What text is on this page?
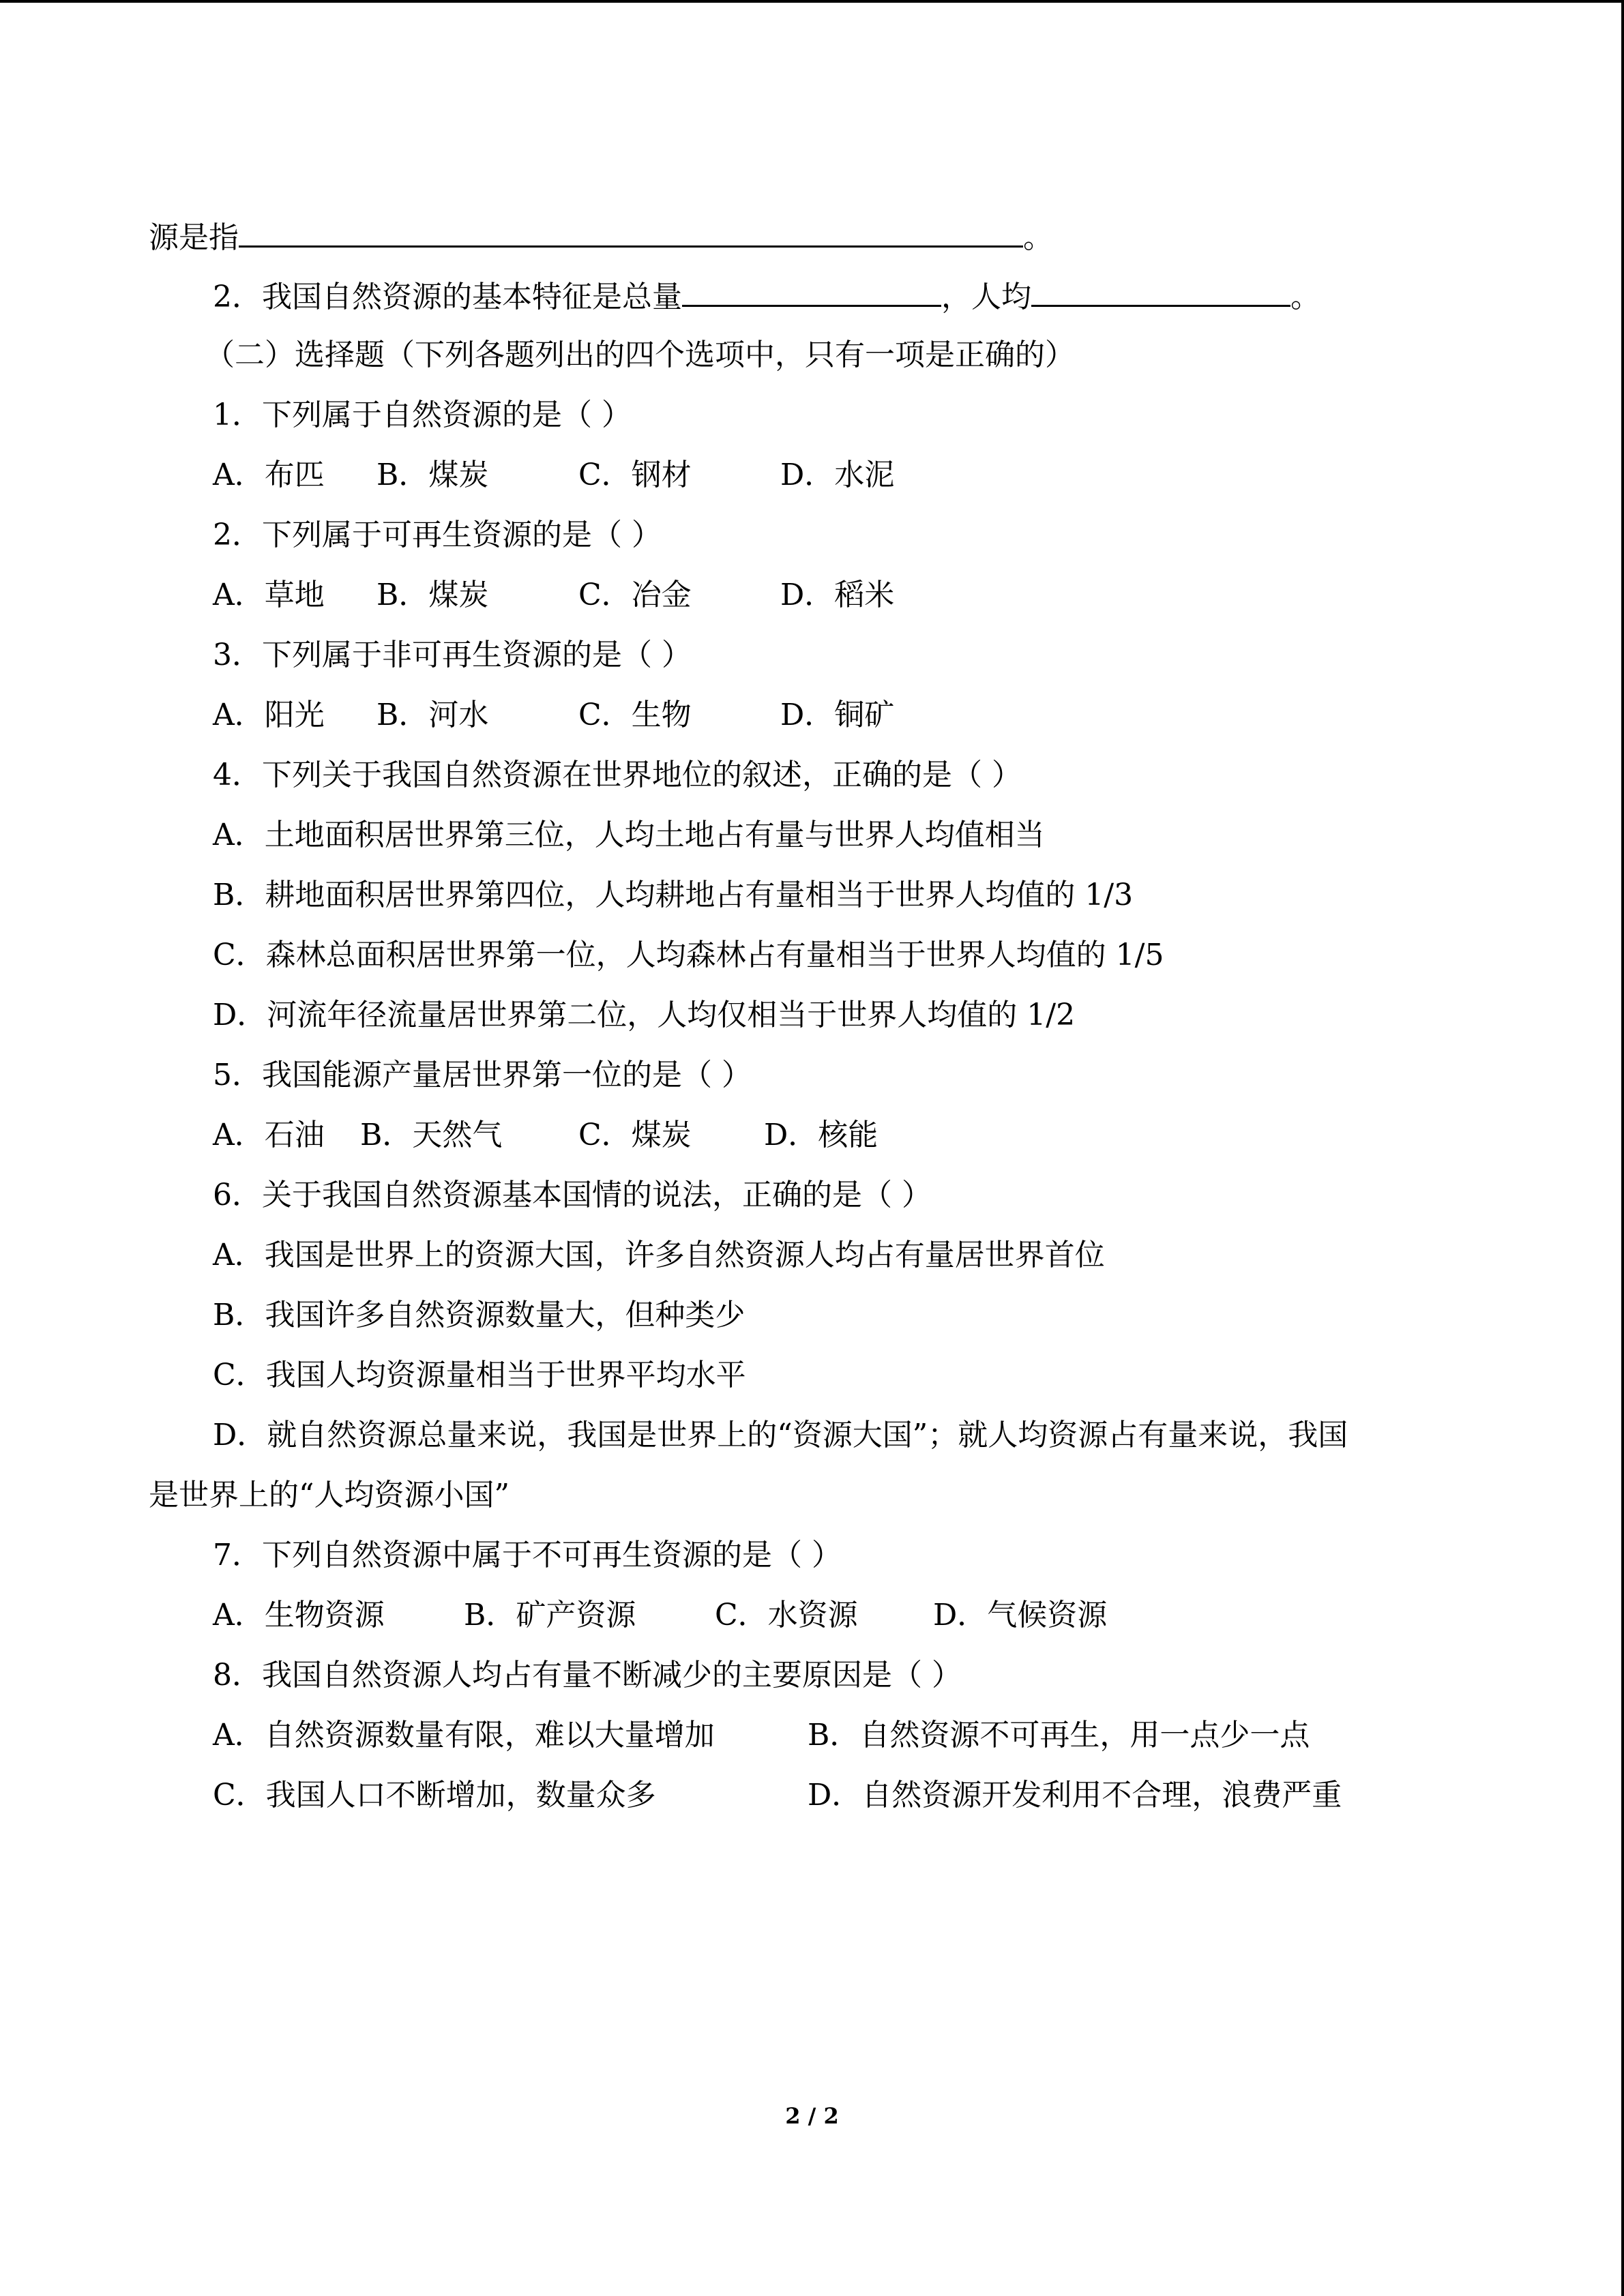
源是指	。
2．我国自然资源的基本特征是总量	，人均	。
（二）选择题（下列各题列出的四个选项中，只有一项是正确的）
1．下列属于自然资源的是（ ）
A．布匹 B．煤炭	C．钢材	D．水泥
2．下列属于可再生资源的是（ ）
A．草地 B．煤炭	C．冶金	D．稻米
3．下列属于非可再生资源的是（ ）
A．阳光 B．河水	C．生物	D．铜矿
4．下列关于我国自然资源在世界地位的叙述，正确的是（ ）
A．土地面积居世界第三位，人均土地占有量与世界人均值相当
B．耕地面积居世界第四位，人均耕地占有量相当于世界人均值的 1/3
C．森林总面积居世界第一位，人均森林占有量相当于世界人均值的 1/5
D．河流年径流量居世界第二位，人均仅相当于世界人均值的 1/2
5．我国能源产量居世界第一位的是（ ）
A．石油 B．天然气	C．煤炭 D．核能
6．关于我国自然资源基本国情的说法，正确的是（ ）
A．我国是世界上的资源大国，许多自然资源人均占有量居世界首位
B．我国许多自然资源数量大，但种类少
C．我国人均资源量相当于世界平均水平
D．就自然资源总量来说，我国是世界上的“资源大国”；就人均资源占有量来说，我国
是世界上的“人均资源小国”
7．下列自然资源中属于不可再生资源的是（ ）
A．生物资源	B．矿产资源	C．水资源	D．气候资源
8．我国自然资源人均占有量不断减少的主要原因是（ ）
A．自然资源数量有限，难以大量增加	B．自然资源不可再生，用一点少一点
C．我国人口不断增加，数量众多	D．自然资源开发利用不合理，浪费严重
2 / 2
